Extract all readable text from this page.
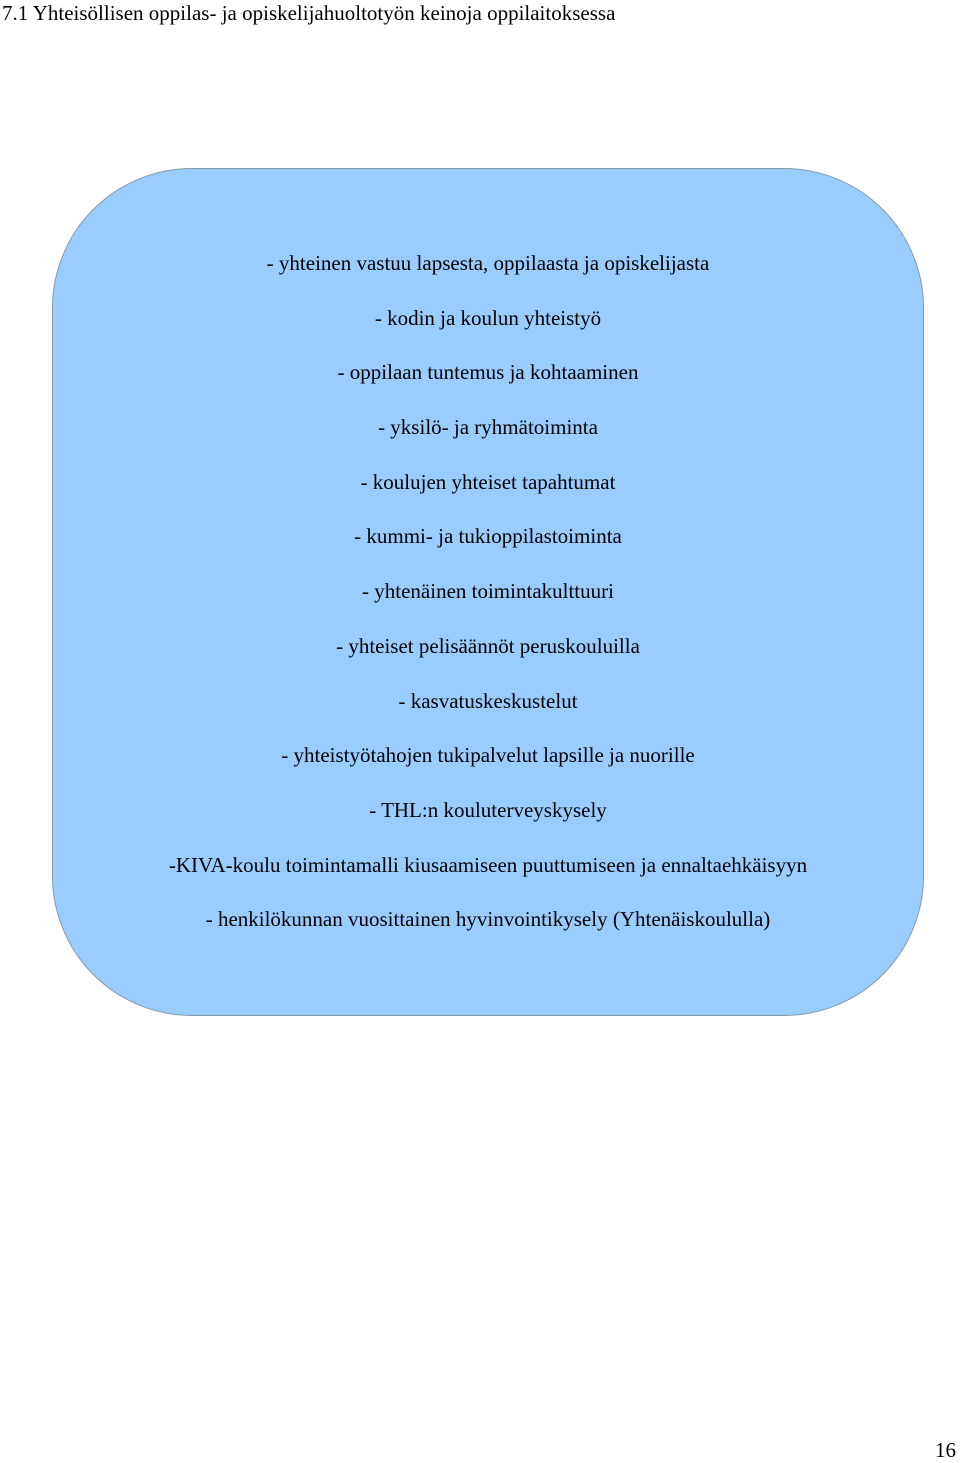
7.1 Yhteisöllisen oppilas- ja opiskelijahuoltotyön keinoja oppilaitoksessa
- yhteinen vastuu lapsesta, oppilaasta ja opiskelijasta
- kodin ja koulun yhteistyö
- oppilaan tuntemus ja kohtaaminen
- yksilö- ja ryhmätoiminta
- koulujen yhteiset tapahtumat
- kummi- ja tukioppilastoiminta
- yhtenäinen toimintakulttuuri
- yhteiset pelisäännöt peruskouluilla
- kasvatuskeskustelut
- yhteistyötahojen tukipalvelut lapsille ja nuorille
- THL:n kouluterveyskysely
-KIVA-koulu toimintamalli kiusaamiseen puuttumiseen ja ennaltaehkäisyyn
- henkilökunnan vuosittainen hyvinvointikysely (Yhtenäiskoululla)
16
